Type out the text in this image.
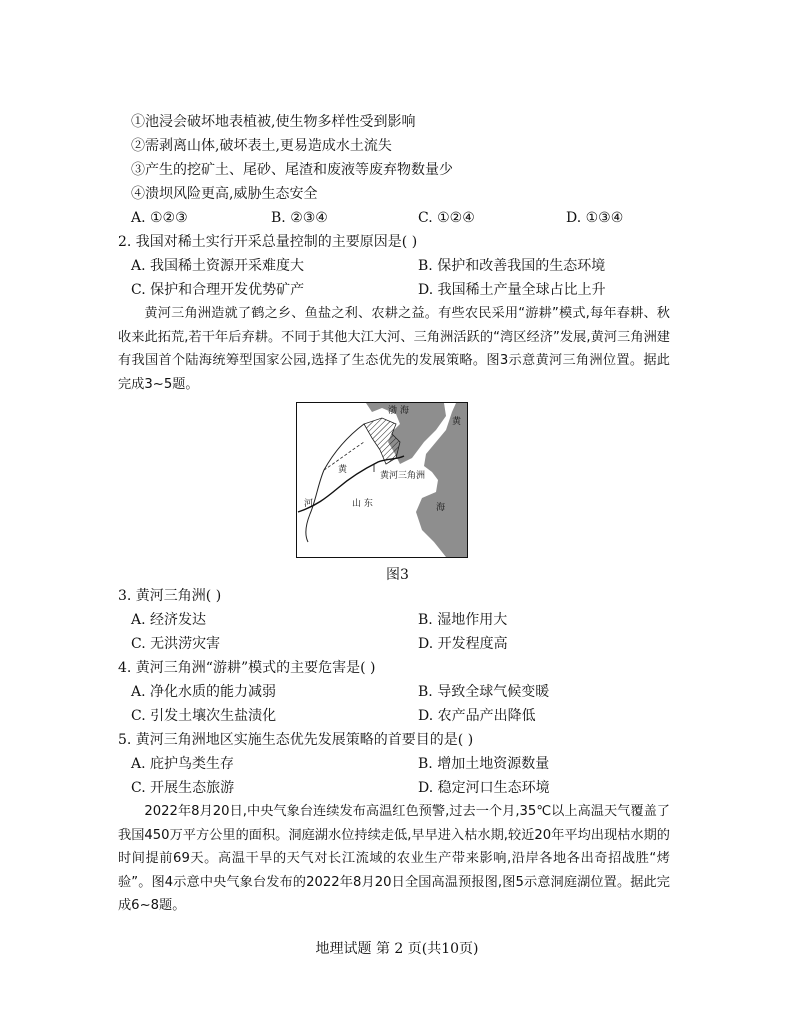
①池浸会破坏地表植被,使生物多样性受到影响
②需剥离山体,破坏表土,更易造成水土流失
③产生的挖矿土、尾砂、尾渣和废液等废弃物数量少
④溃坝风险更高,威胁生态安全
A. ①②③	B. ②③④	C. ①②④	D. ①③④
2. 我国对稀土实行开采总量控制的主要原因是( )
A. 我国稀土资源开采难度大	B. 保护和改善我国的生态环境
C. 保护和合理开发优势矿产	D. 我国稀土产量全球占比上升

黄河三角洲造就了鹤之乡、鱼盐之利、农耕之益。有些农民采用“游耕”模式,每年春耕、秋收来此拓荒,若干年后弃耕。不同于其他大江大河、三角洲活跃的“湾区经济”发展,黄河三角洲建有我国首个陆海统筹型国家公园,选择了生态优先的发展策略。图3示意黄河三角洲位置。据此完成3~5题。

渤 海
黄
海
黄
河	山 东
黄河三角洲
图3
3. 黄河三角洲( )
A. 经济发达	B. 湿地作用大
C. 无洪涝灾害	D. 开发程度高
4. 黄河三角洲“游耕”模式的主要危害是( )
A. 净化水质的能力减弱	B. 导致全球气候变暖
C. 引发土壤次生盐渍化	D. 农产品产出降低
5. 黄河三角洲地区实施生态优先发展策略的首要目的是( )
A. 庇护鸟类生存	B. 增加土地资源数量
C. 开展生态旅游	D. 稳定河口生态环境

2022年8月20日,中央气象台连续发布高温红色预警,过去一个月,35℃以上高温天气覆盖了我国450万平方公里的面积。洞庭湖水位持续走低,早早进入枯水期,较近20年平均出现枯水期的时间提前69天。高温干旱的天气对长江流域的农业生产带来影响,沿岸各地各出奇招战胜“烤验”。图4示意中央气象台发布的2022年8月20日全国高温预报图,图5示意洞庭湖位置。据此完成6~8题。

地理试题 第 2 页(共10页)
